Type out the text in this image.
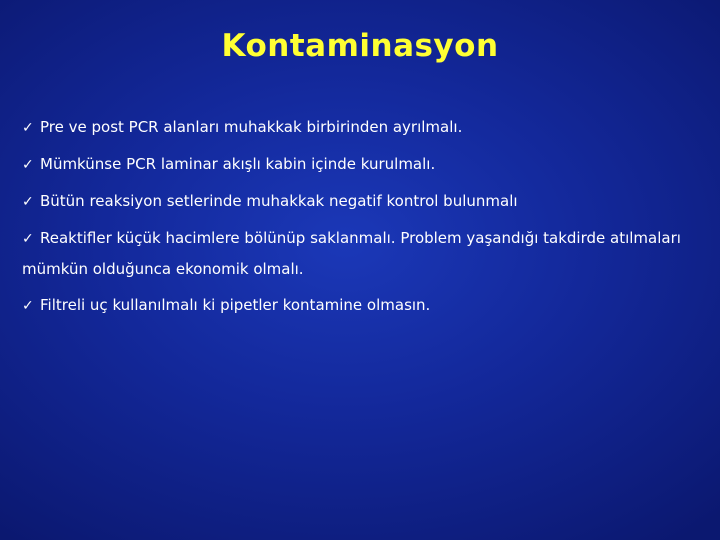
Kontaminasyon
✓ Pre ve post PCR alanları muhakkak birbirinden ayrılmalı.
✓ Mümkünse PCR laminar akışlı kabin içinde kurulmalı.
✓ Bütün reaksiyon setlerinde muhakkak negatif kontrol bulunmalı
✓ Reaktifler küçük hacimlere bölünüp saklanmalı. Problem yaşandığı takdirde atılmaları mümkün olduğunca ekonomik olmalı.
✓ Filtreli uç kullanılmalı ki pipetler kontamine olmasın.
